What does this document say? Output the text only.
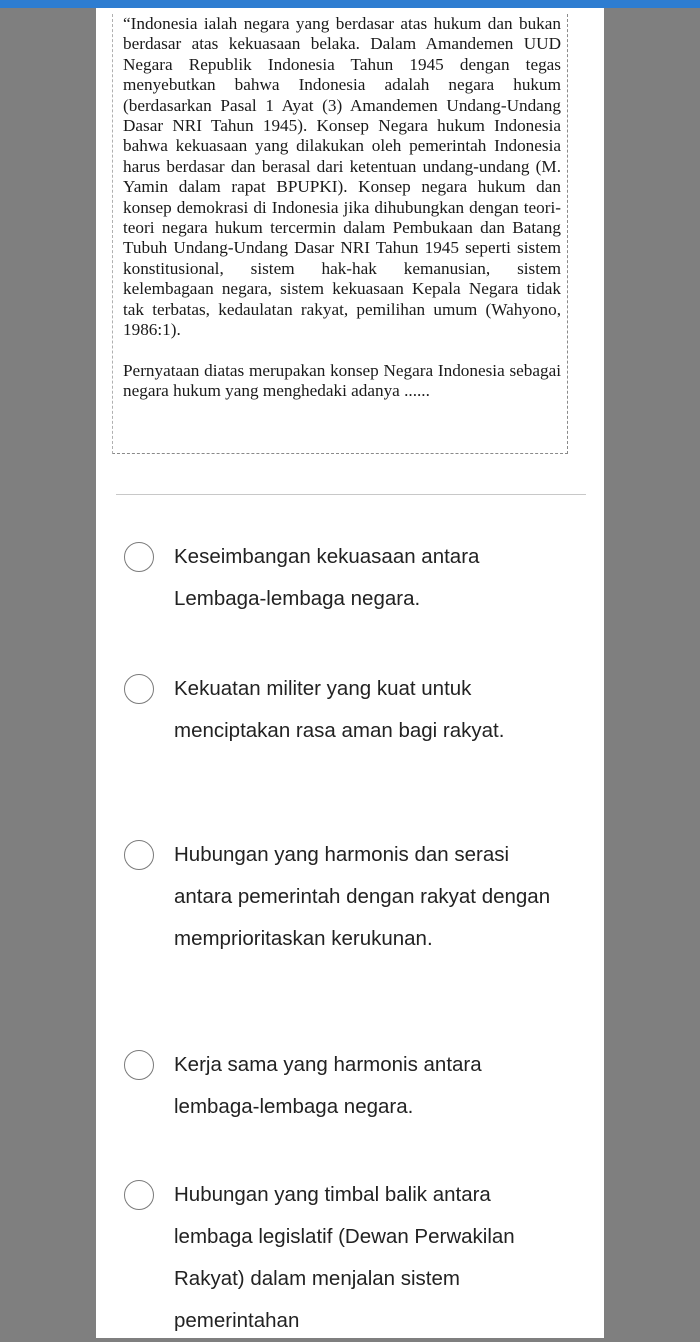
“Indonesia ialah negara yang berdasar atas hukum dan bukan berdasar atas kekuasaan belaka. Dalam Amandemen UUD Negara Republik Indonesia Tahun 1945 dengan tegas menyebutkan bahwa Indonesia adalah negara hukum (berdasarkan Pasal 1 Ayat (3) Amandemen Undang-Undang Dasar NRI Tahun 1945). Konsep Negara hukum Indonesia bahwa kekuasaan yang dilakukan oleh pemerintah Indonesia harus berdasar dan berasal dari ketentuan undang-undang (M. Yamin dalam rapat BPUPKI). Konsep negara hukum dan konsep demokrasi di Indonesia jika dihubungkan dengan teori-teori negara hukum tercermin dalam Pembukaan dan Batang Tubuh Undang-Undang Dasar NRI Tahun 1945 seperti sistem konstitusional, sistem hak-hak kemanusian, sistem kelembagaan negara, sistem kekuasaan Kepala Negara tidak tak terbatas, kedaulatan rakyat, pemilihan umum (Wahyono, 1986:1).

Pernyataan diatas merupakan konsep Negara Indonesia sebagai negara hukum yang menghedaki adanya ......

Keseimbangan kekuasaan antara Lembaga-lembaga negara.
Kekuatan militer yang kuat untuk menciptakan rasa aman bagi rakyat.
Hubungan yang harmonis dan serasi antara pemerintah dengan rakyat dengan memprioritaskan kerukunan.
Kerja sama yang harmonis antara lembaga-lembaga negara.
Hubungan yang timbal balik antara lembaga legislatif (Dewan Perwakilan Rakyat) dalam menjalan sistem pemerintahan
